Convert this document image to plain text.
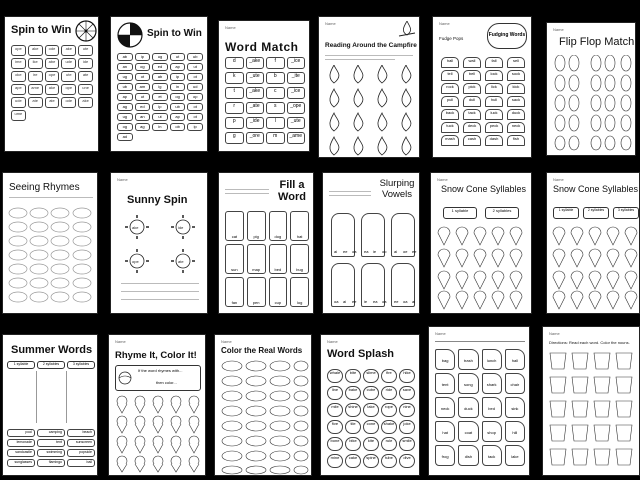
Spin to Win
ope	ake	ode	ake	ute
ime	ike	abe	ude	ide
oke	ire	ope	ute	ate
ape	ame	ake	ope	une
ude	ate	ate	ode	ake
ume
Spin to Win
ab	ip	ug	ut	ub
an	og	ed	ap	ut
ug	ot	ab	ip	ot
ub	am	ig	in	ud
ap	ut	et	og	op
ag	ed	ip	ub	ot
ug	an	ut	ap	ot
og	ag	in	ob	ip
ad
Name
Word Match
d	_ake	f	_ice
k	_ute	b	_ite
t	_ake	c	_ice
r	_ate	s	_ope
p	_ide	l	_ute
g	_ore	m	_ame
Name
Reading Around the Campfire
Name
Fudge Pops
Fudging Words
hall	wall	fall	sell
tell	bell	lock	sock
rock	pick	lick	kick
pull	dull	hull	sack
back	tack	luck	duck
tuck	deck	peck	neck
mash	cash	dash	fish
Name
Flip Flop Match
Seeing Rhymes
Name
Sunny Spin
ake	ide
ope	ate
Fill a Word
cat	pig	dog	hat
sun	map	bed	bug
fan	pen	cup	log
Slurping Vowels
ai ee oa ea ie oo ai oe ee
oa ai ee ie ea oa ee oa ai
Name
Snow Cone Syllables
1 syllable	2 syllables
Name
Snow Cone Syllables
1 syllable	2 syllables	3 syllables
Summer Words
1 syllable	2 syllables	3 syllables
pool	camping	beach
lemonade	tent	sunscreen
sandcastle	swimming	popsicle
sunglasses	flamingo	ball
Name
Rhyme It, Color It!
If the word rhymes with...
then color...
Name
Color the Real Words
Name
Word Splash
whale	bite	slime	fire	hike
line	bake	cube	ride	save
mile	shine	lake	rope	nine
five	tile	cone	shake	joke
bone	bike	kite	rule	smile
mine	cake	spine	tube	dive
Name
bag	trash	lunch	hall
tent	song	shark	chair
neck	duck	bed	sink
hat	coat	shop	hill
frog	dish	tack	lake
Name
Directions: Read each word. Color the nouns.
